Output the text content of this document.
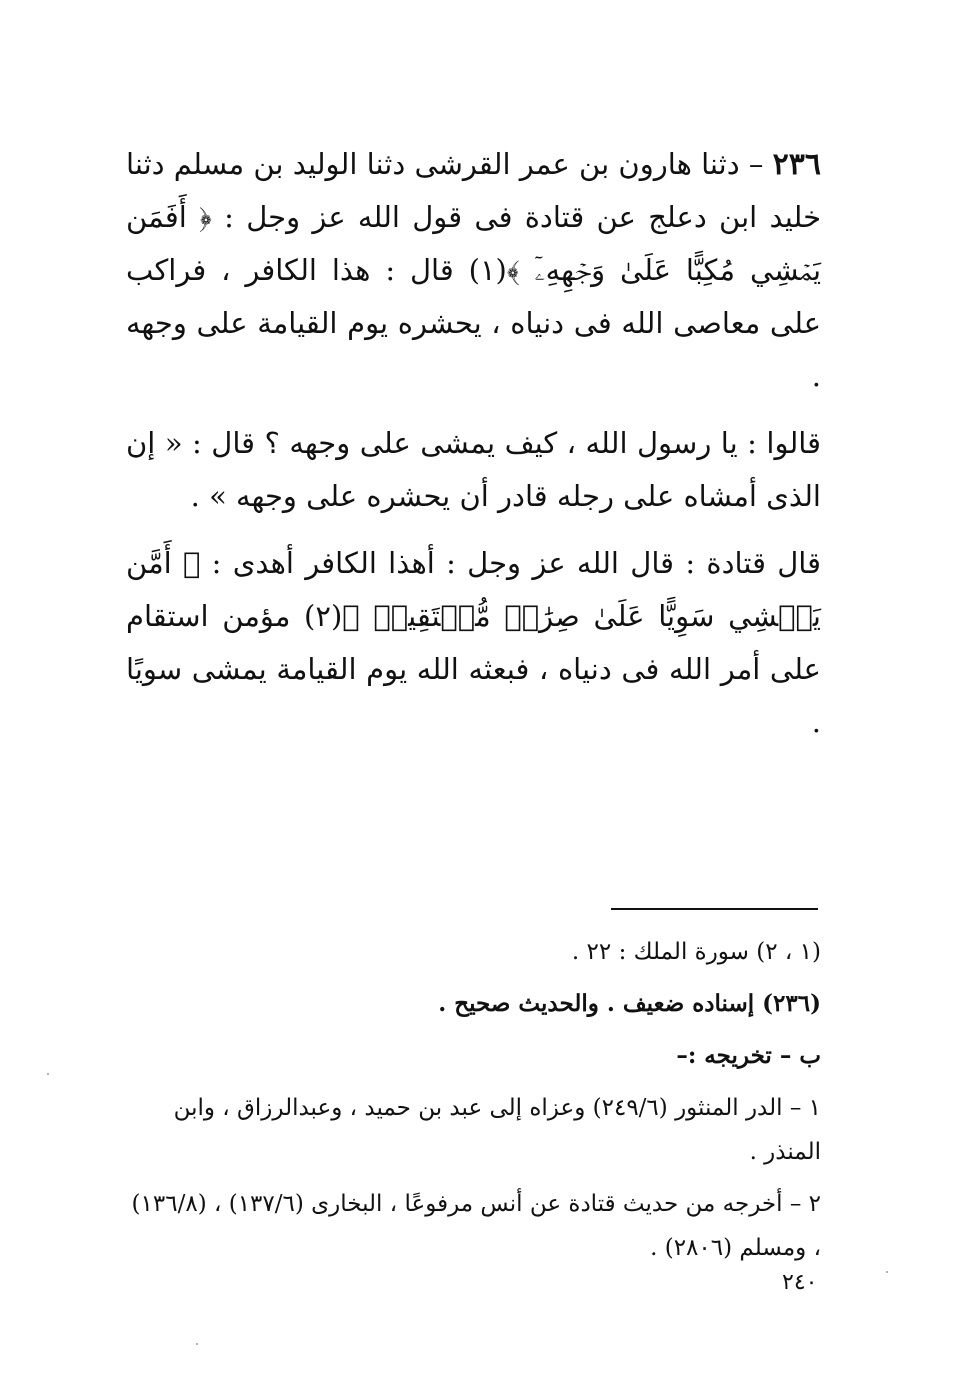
٢٣٦ – دثنا هارون بن عمر القرشى دثنا الوليد بن مسلم دثنا خليد ابن دعلج عن قتادة فى قول الله عز وجل : ﴿ أَفَمَن يَمۡشِي مُكِبًّا عَلَىٰ وَجۡهِهِۦٓ ﴾(١) قال : هذا الكافر ، فراكب على معاصى الله فى دنياه ، يحشره يوم القيامة على وجهه .

قالوا : يا رسول الله ، كيف يمشى على وجهه ؟ قال : « إن الذى أمشاه على رجله قادر أن يحشره على وجهه » .

قال قتادة : قال الله عز وجل : أهذا الكافر أهدى : ﴿ أَمَّن يَمۡشِي سَوِيًّا عَلَىٰ صِرَٰطٖ مُّسۡتَقِيمٖ ﴾(٢) مؤمن استقام على أمر الله فى دنياه ، فبعثه الله يوم القيامة يمشى سويًا .

(١ ، ٢) سورة الملك : ٢٢ .

(٢٣٦) إسناده ضعيف . والحديث صحيح .

ب – تخريجه :–

١ – الدر المنثور (٢٤٩/٦) وعزاه إلى عبد بن حميد ، وعبدالرزاق ، وابن المنذر .

٢ – أخرجه من حديث قتادة عن أنس مرفوعًا ، البخارى (١٣٧/٦) ، (١٣٦/٨) ، ومسلم (٢٨٠٦) .

٢٤٠
